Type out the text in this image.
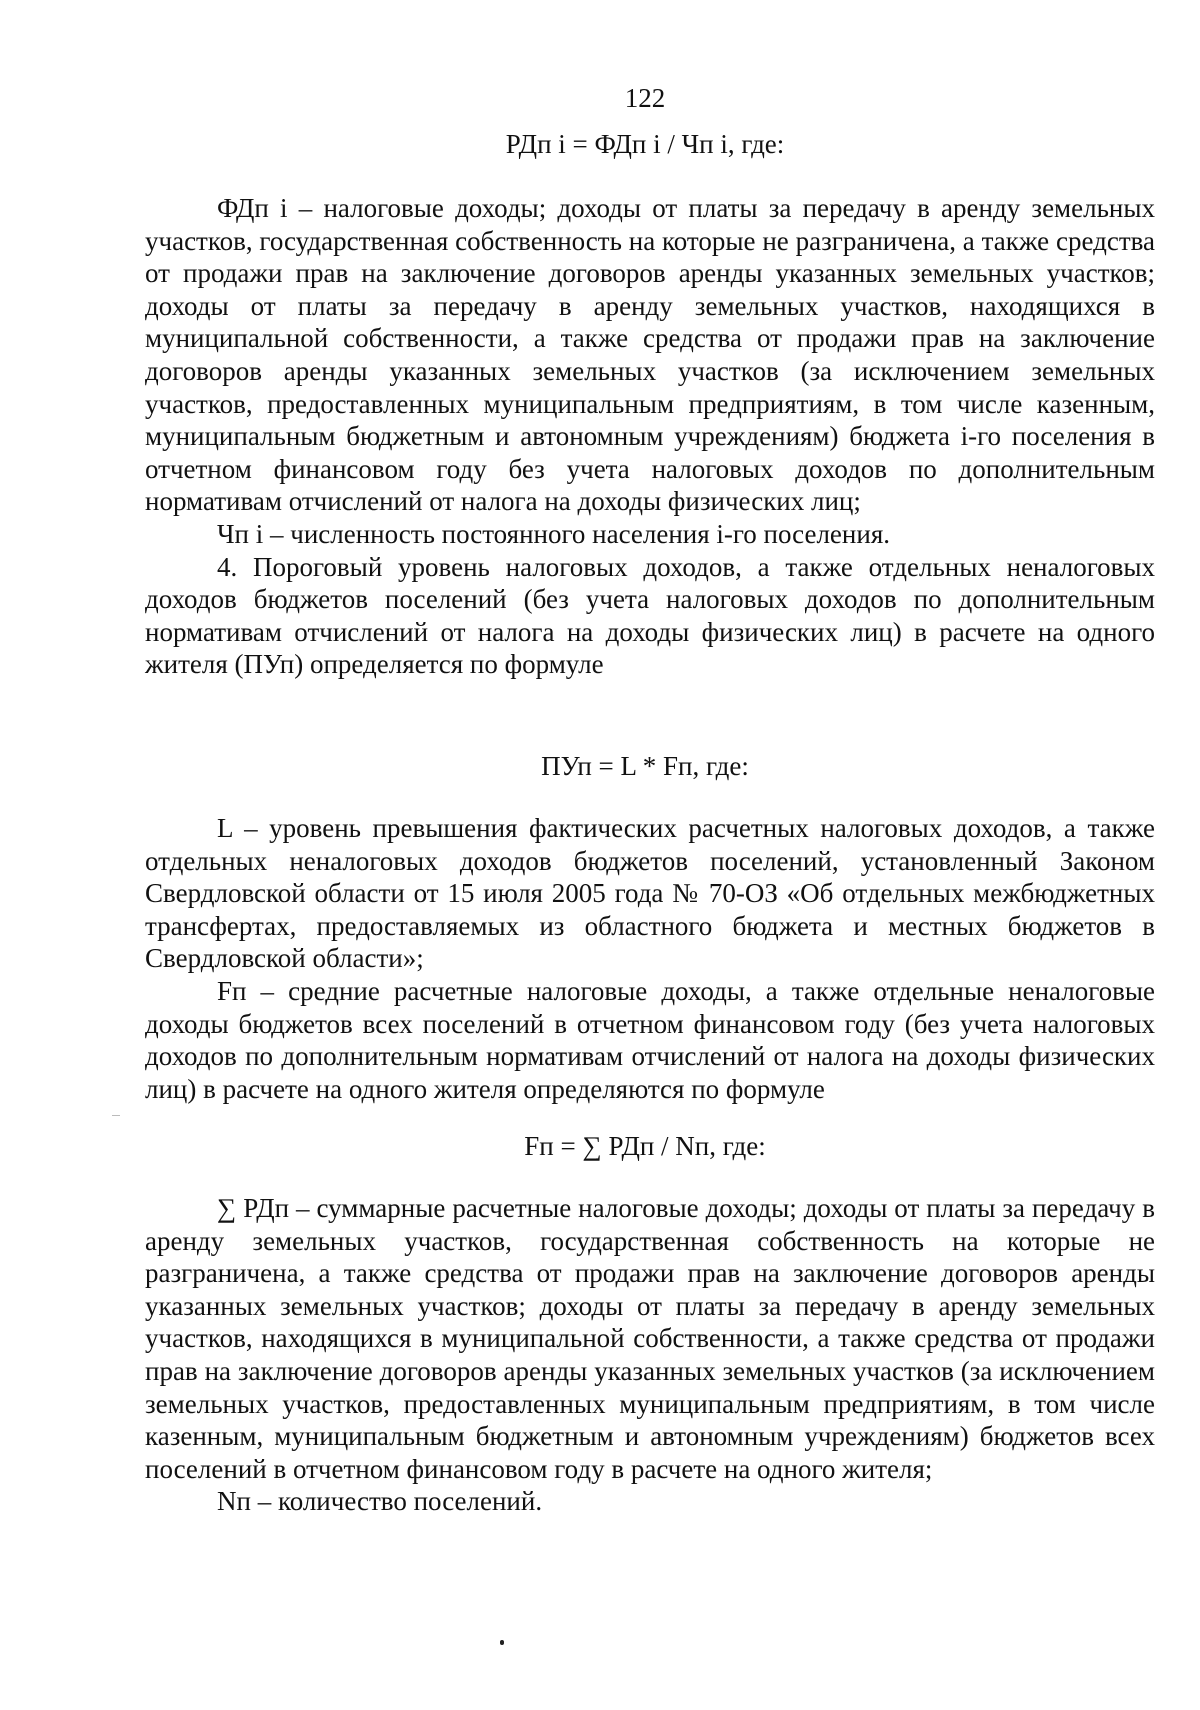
122
РДп i = ФДп i / Чп i, где:

ФДп i – налоговые доходы; доходы от платы за передачу в аренду земельных участков, государственная собственность на которые не разграничена, а также средства от продажи прав на заключение договоров аренды указанных земельных участков; доходы от платы за передачу в аренду земельных участков, находящихся в муниципальной собственности, а также средства от продажи прав на заключение договоров аренды указанных земельных участков (за исключением земельных участков, предоставленных муниципальным предприятиям, в том числе казенным, муниципальным бюджетным и автономным учреждениям) бюджета i-го поселения в отчетном финансовом году без учета налоговых доходов по дополнительным нормативам отчислений от налога на доходы физических лиц;

Чп i – численность постоянного населения i-го поселения.

4. Пороговый уровень налоговых доходов, а также отдельных неналоговых доходов бюджетов поселений (без учета налоговых доходов по дополнительным нормативам отчислений от налога на доходы физических лиц) в расчете на одного жителя (ПУп) определяется по формуле

ПУп = L * Fп, где:

L – уровень превышения фактических расчетных налоговых доходов, а также отдельных неналоговых доходов бюджетов поселений, установленный Законом Свердловской области от 15 июля 2005 года № 70-ОЗ «Об отдельных межбюджетных трансфертах, предоставляемых из областного бюджета и местных бюджетов в Свердловской области»;

Fп – средние расчетные налоговые доходы, а также отдельные неналоговые доходы бюджетов всех поселений в отчетном финансовом году (без учета налоговых доходов по дополнительным нормативам отчислений от налога на доходы физических лиц) в расчете на одного жителя определяются по формуле

Fп = ∑ РДп / Nп, где:

∑ РДп – суммарные расчетные налоговые доходы; доходы от платы за передачу в аренду земельных участков, государственная собственность на которые не разграничена, а также средства от продажи прав на заключение договоров аренды указанных земельных участков; доходы от платы за передачу в аренду земельных участков, находящихся в муниципальной собственности, а также средства от продажи прав на заключение договоров аренды указанных земельных участков (за исключением земельных участков, предоставленных муниципальным предприятиям, в том числе казенным, муниципальным бюджетным и автономным учреждениям) бюджетов всех поселений в отчетном финансовом году в расчете на одного жителя;

Nп – количество поселений.
